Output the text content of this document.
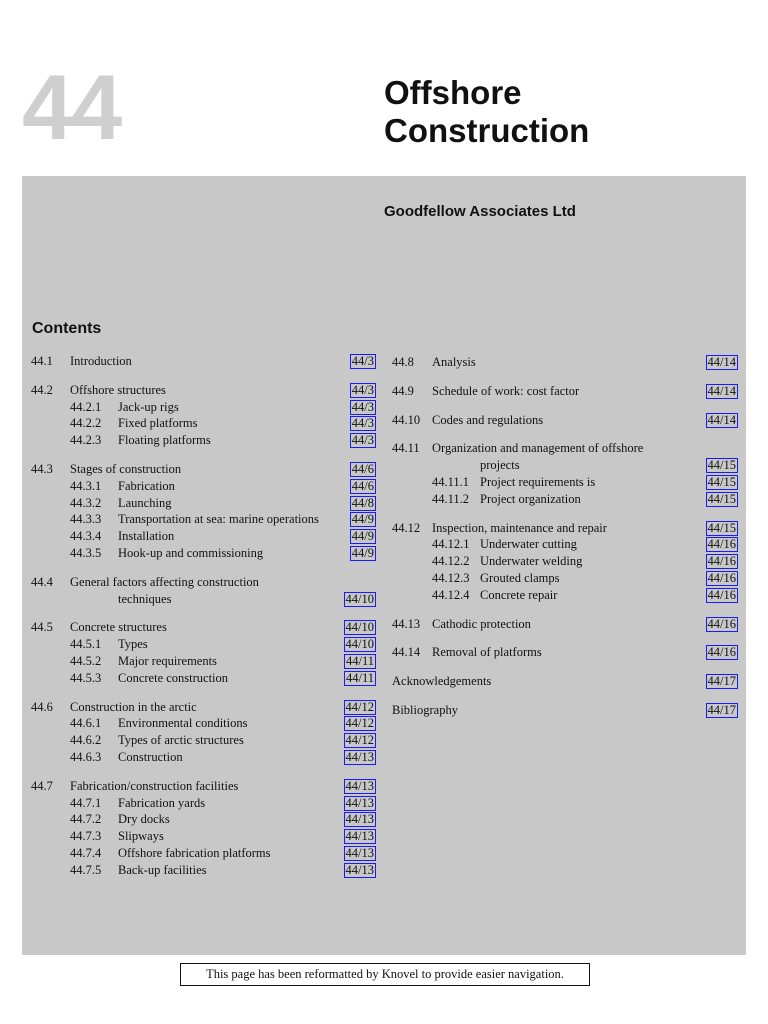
44	Offshore
Construction
Goodfellow Associates Ltd
Contents
44.1 Introduction	44/3
44.2 Offshore structures	44/3
44.2.1 Jack-up rigs	44/3
44.2.2 Fixed platforms	44/3
44.2.3 Floating platforms	44/3
44.3 Stages of construction	44/6
44.3.1 Fabrication	44/6
44.3.2 Launching	44/8
44.3.3 Transportation at sea: marine operations	44/9
44.3.4 Installation	44/9
44.3.5 Hook-up and commissioning	44/9
44.4 General factors affecting construction
techniques	44/10
44.5 Concrete structures	44/10
44.5.1 Types	44/10
44.5.2 Major requirements	44/11
44.5.3 Concrete construction	44/11
44.6 Construction in the arctic	44/12
44.6.1 Environmental conditions	44/12
44.6.2 Types of arctic structures	44/12
44.6.3 Construction	44/13
44.7 Fabrication/construction facilities	44/13
44.7.1 Fabrication yards	44/13
44.7.2 Dry docks	44/13
44.7.3 Slipways	44/13
44.7.4 Offshore fabrication platforms	44/13
44.7.5 Back-up facilities	44/13
44.8 Analysis	44/14
44.9 Schedule of work: cost factor	44/14
44.10 Codes and regulations	44/14
44.11 Organization and management of offshore
projects	44/15
44.11.1 Project requirements is	44/15
44.11.2 Project organization	44/15
44.12 Inspection, maintenance and repair	44/15
44.12.1 Underwater cutting	44/16
44.12.2 Underwater welding	44/16
44.12.3 Grouted clamps	44/16
44.12.4 Concrete repair	44/16
44.13 Cathodic protection	44/16
44.14 Removal of platforms	44/16
Acknowledgements	44/17
Bibliography	44/17
This page has been reformatted by Knovel to provide easier navigation.
